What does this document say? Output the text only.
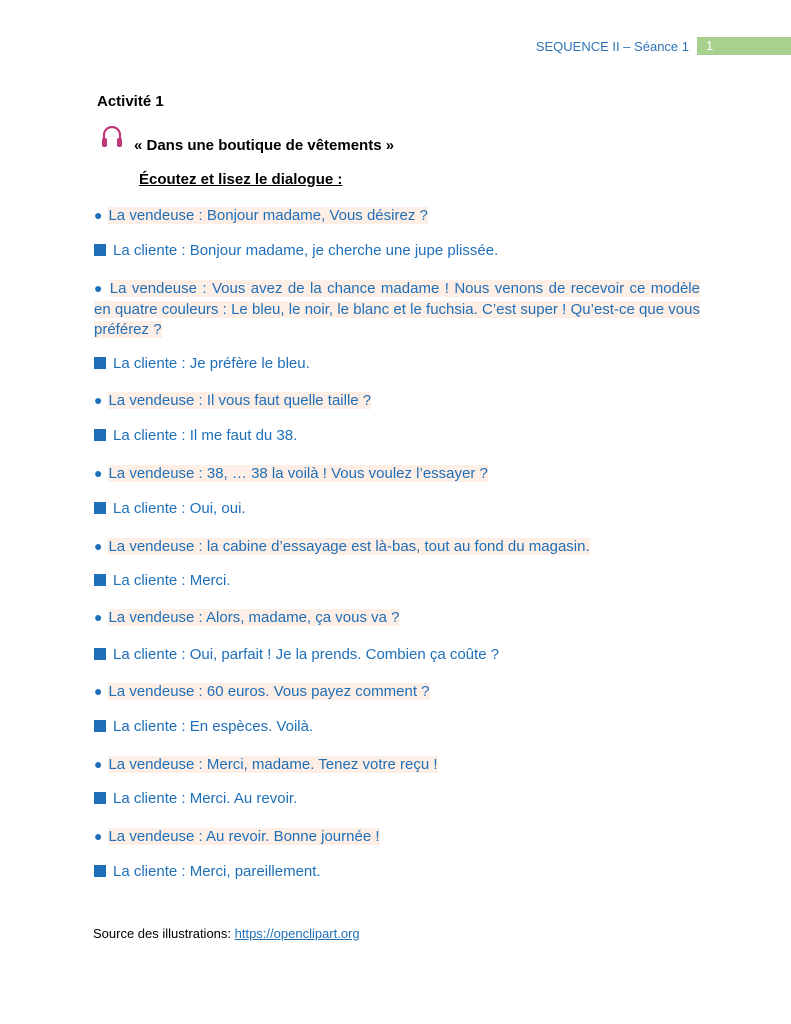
SEQUENCE II – Séance 1	1
Activité 1
« Dans une boutique de vêtements »
Écoutez et lisez le dialogue :
● La vendeuse : Bonjour madame, Vous désirez ?
La cliente : Bonjour madame, je cherche une jupe plissée.
● La vendeuse : Vous avez de la chance madame ! Nous venons de recevoir ce modèle en quatre couleurs : Le bleu, le noir, le blanc et le fuchsia. C’est super ! Qu’est-ce que vous préférez ?
La cliente : Je préfère le bleu.
● La vendeuse : Il vous faut quelle taille ?
La cliente : Il me faut du 38.
● La vendeuse : 38, … 38 la voilà ! Vous voulez l’essayer ?
La cliente : Oui, oui.
● La vendeuse : la cabine d’essayage est là-bas, tout au fond du magasin.
La cliente : Merci.
● La vendeuse : Alors, madame, ça vous va ?
La cliente : Oui, parfait ! Je la prends. Combien ça coûte ?
● La vendeuse : 60 euros. Vous payez comment ?
La cliente : En espèces. Voilà.
● La vendeuse : Merci, madame. Tenez votre reçu !
La cliente : Merci. Au revoir.
● La vendeuse : Au revoir. Bonne journée !
La cliente : Merci, pareillement.
Source des illustrations: https://openclipart.org
